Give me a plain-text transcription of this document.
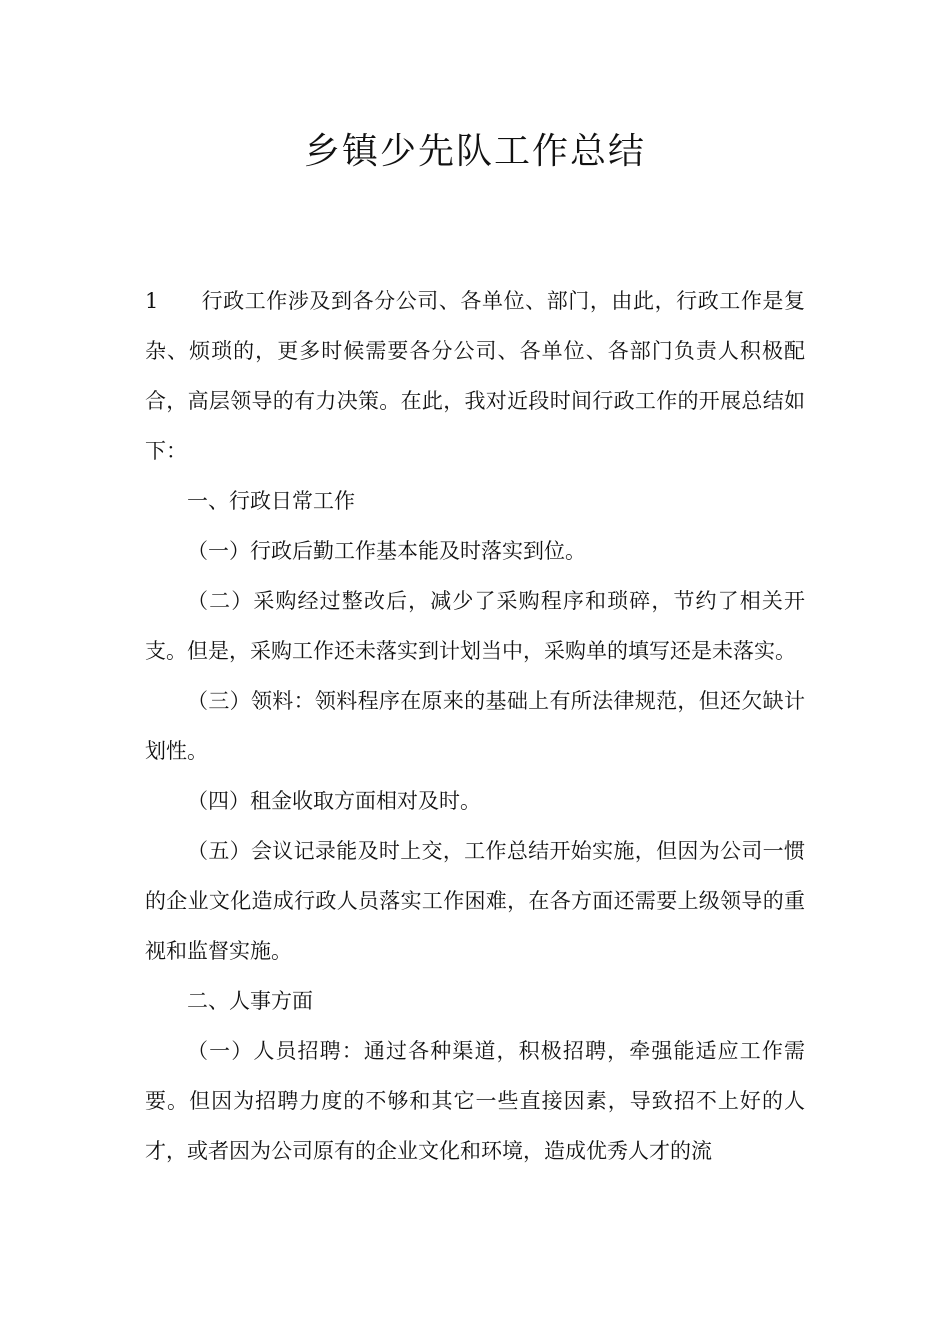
乡镇少先队工作总结

1 行政工作涉及到各分公司、各单位、部门，由此，行政工作是复杂、烦琐的，更多时候需要各分公司、各单位、各部门负责人积极配合，高层领导的有力决策。在此，我对近段时间行政工作的开展总结如下：

一、行政日常工作

（一）行政后勤工作基本能及时落实到位。

（二）采购经过整改后，减少了采购程序和琐碎，节约了相关开支。但是，采购工作还未落实到计划当中，采购单的填写还是未落实。

（三）领料：领料程序在原来的基础上有所法律规范，但还欠缺计划性。

（四）租金收取方面相对及时。

（五）会议记录能及时上交，工作总结开始实施，但因为公司一惯的企业文化造成行政人员落实工作困难，在各方面还需要上级领导的重视和监督实施。

二、人事方面

（一）人员招聘：通过各种渠道，积极招聘，牵强能适应工作需要。但因为招聘力度的不够和其它一些直接因素，导致招不上好的人才，或者因为公司原有的企业文化和环境，造成优秀人才的流
